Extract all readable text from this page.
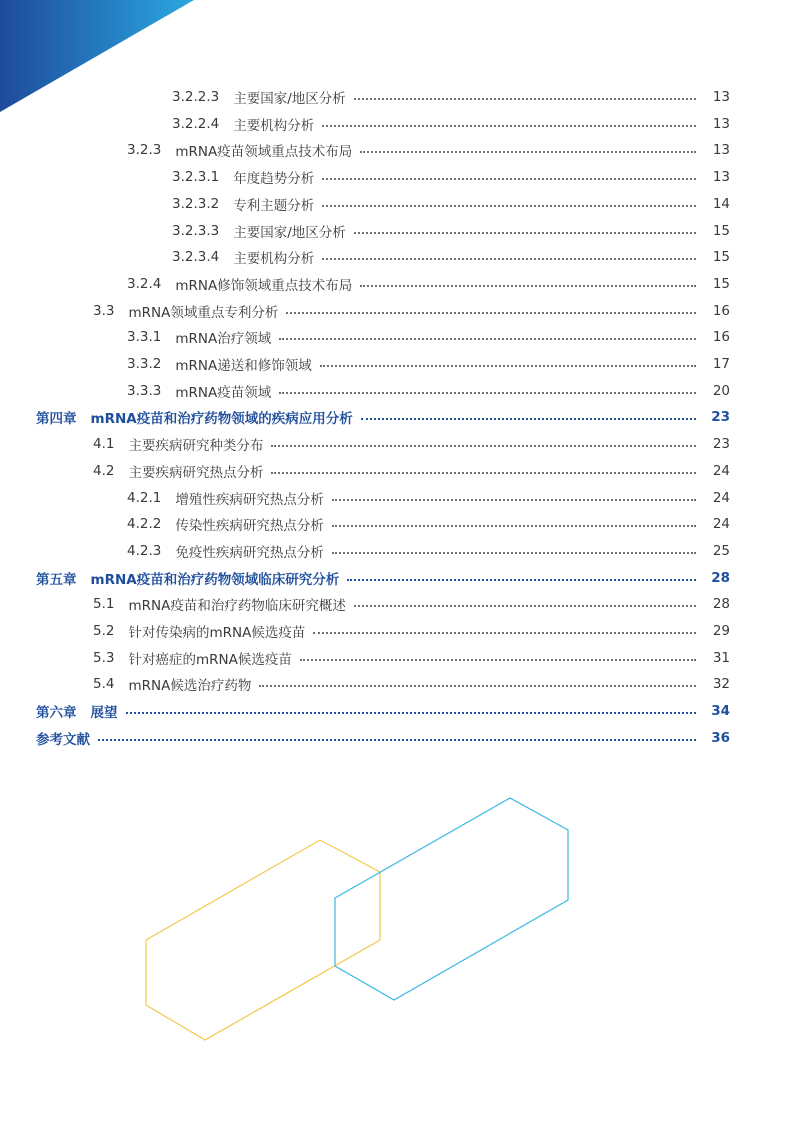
3.2.2.3	主要国家/地区分析	13
3.2.2.4	主要机构分析	13
3.2.3	mRNA疫苗领域重点技术布局	13
3.2.3.1	年度趋势分析	13
3.2.3.2	专利主题分析	14
3.2.3.3	主要国家/地区分析	15
3.2.3.4	主要机构分析	15
3.2.4	mRNA修饰领域重点技术布局	15
3.3	mRNA领域重点专利分析	16
3.3.1	mRNA治疗领域	16
3.3.2	mRNA递送和修饰领域	17
3.3.3	mRNA疫苗领域	20
第四章	mRNA疫苗和治疗药物领域的疾病应用分析	23
4.1	主要疾病研究种类分布	23
4.2	主要疾病研究热点分析	24
4.2.1	增殖性疾病研究热点分析	24
4.2.2	传染性疾病研究热点分析	24
4.2.3	免疫性疾病研究热点分析	25
第五章	mRNA疫苗和治疗药物领域临床研究分析	28
5.1	mRNA疫苗和治疗药物临床研究概述	28
5.2	针对传染病的mRNA候选疫苗	29
5.3	针对癌症的mRNA候选疫苗	31
5.4	mRNA候选治疗药物	32
第六章	展望	34
参考文献	36
